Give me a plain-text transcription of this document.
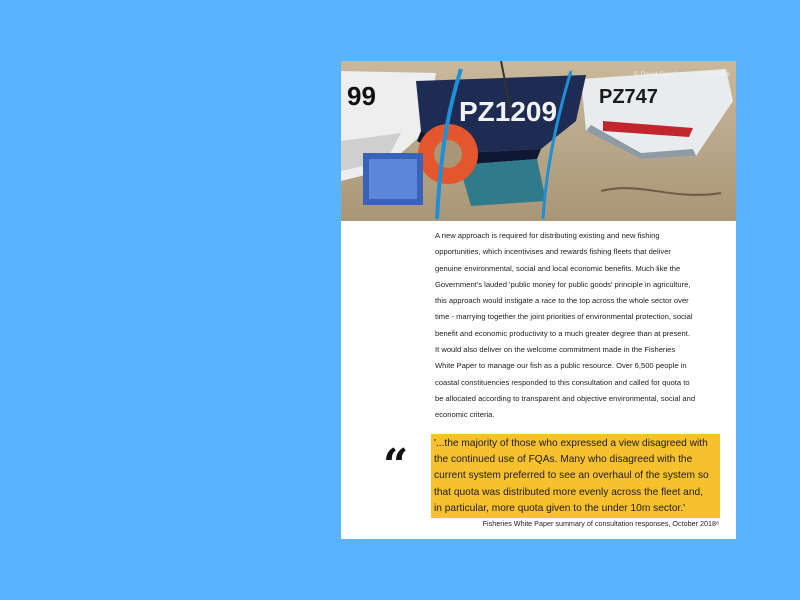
99	PZ1209 PZ747
© David Sandison / Greenpeace
A new approach is required for distributing existing and new fishing
opportunities, which incentivises and rewards fishing fleets that deliver
genuine environmental, social and local economic benefits. Much like the
Government's lauded 'public money for public goods' principle in agriculture,
this approach would instigate a race to the top across the whole sector over
time - marrying together the joint priorities of environmental protection, social
benefit and economic productivity to a much greater degree than at present.
It would also deliver on the welcome commitment made in the Fisheries
White Paper to manage our fish as a public resource. Over 6,500 people in
coastal constituencies responded to this consultation and called for quota to
be allocated according to transparent and objective environmental, social and
economic criteria.
“	'...the majority of those who expressed a view disagreed with
the continued use of FQAs. Many who disagreed with the
current system preferred to see an overhaul of the system so
that quota was distributed more evenly across the fleet and,
in particular, more quota given to the under 10m sector.'
Fisheries White Paper summary of consultation responses, October 2018⁸
